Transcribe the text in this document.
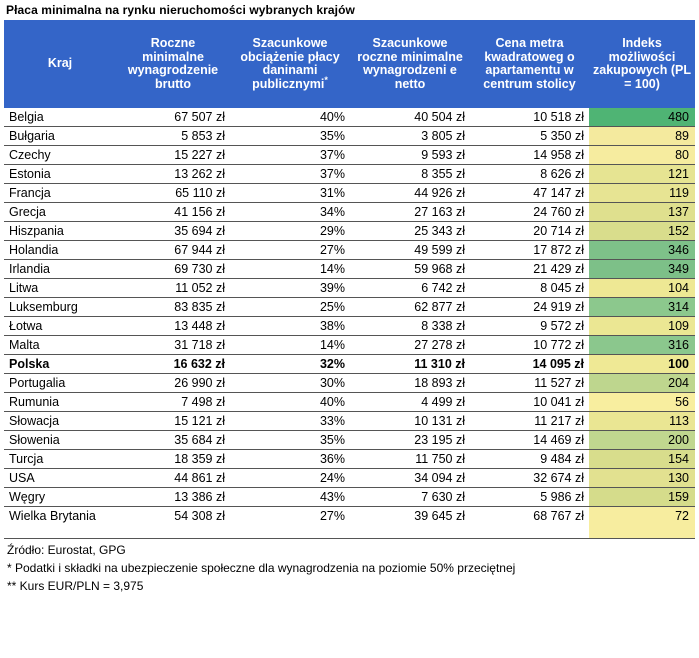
Płaca minimalna na rynku nieruchomości wybranych krajów
Kraj	Roczne minimalne wynagrodzenie brutto	Szacunkowe obciążenie płacy daninami publicznymi*	Szacunkowe roczne minimalne wynagrodzeni e netto	Cena metra kwadratoweg o apartamentu w centrum stolicy	Indeks możliwości zakupowych (PL = 100)
Belgia	67 507 zł	40%	40 504 zł	10 518 zł	480
Bułgaria	5 853 zł	35%	3 805 zł	5 350 zł	89
Czechy	15 227 zł	37%	9 593 zł	14 958 zł	80
Estonia	13 262 zł	37%	8 355 zł	8 626 zł	121
Francja	65 110 zł	31%	44 926 zł	47 147 zł	119
Grecja	41 156 zł	34%	27 163 zł	24 760 zł	137
Hiszpania	35 694 zł	29%	25 343 zł	20 714 zł	152
Holandia	67 944 zł	27%	49 599 zł	17 872 zł	346
Irlandia	69 730 zł	14%	59 968 zł	21 429 zł	349
Litwa	11 052 zł	39%	6 742 zł	8 045 zł	104
Luksemburg	83 835 zł	25%	62 877 zł	24 919 zł	314
Łotwa	13 448 zł	38%	8 338 zł	9 572 zł	109
Malta	31 718 zł	14%	27 278 zł	10 772 zł	316
Polska	16 632 zł	32%	11 310 zł	14 095 zł	100
Portugalia	26 990 zł	30%	18 893 zł	11 527 zł	204
Rumunia	7 498 zł	40%	4 499 zł	10 041 zł	56
Słowacja	15 121 zł	33%	10 131 zł	11 217 zł	113
Słowenia	35 684 zł	35%	23 195 zł	14 469 zł	200
Turcja	18 359 zł	36%	11 750 zł	9 484 zł	154
USA	44 861 zł	24%	34 094 zł	32 674 zł	130
Węgry	13 386 zł	43%	7 630 zł	5 986 zł	159
Wielka Brytania	54 308 zł	27%	39 645 zł	68 767 zł	72
Źródło: Eurostat, GPG
* Podatki i składki na ubezpieczenie społeczne dla wynagrodzenia na poziomie 50% przeciętnej
** Kurs EUR/PLN = 3,975
